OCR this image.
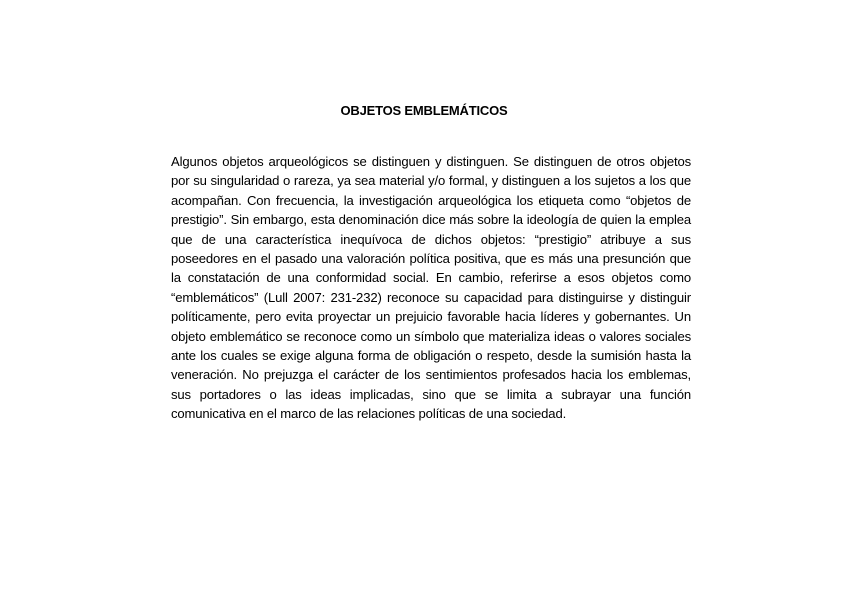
OBJETOS EMBLEMÁTICOS

Algunos objetos arqueológicos se distinguen y distinguen. Se distinguen de otros objetos por su singularidad o rareza, ya sea material y/o formal, y distinguen a los sujetos a los que acompañan. Con frecuencia, la investigación arqueológica los etiqueta como “objetos de prestigio”. Sin embargo, esta denominación dice más sobre la ideología de quien la emplea que de una característica inequívoca de dichos objetos: “prestigio” atribuye a sus poseedores en el pasado una valoración política positiva, que es más una presunción que la constatación de una conformidad social. En cambio, referirse a esos objetos como “emblemáticos” (Lull 2007: 231-232) reconoce su capacidad para distinguirse y distinguir políticamente, pero evita proyectar un prejuicio favorable hacia líderes y gobernantes. Un objeto emblemático se reconoce como un símbolo que materializa ideas o valores sociales ante los cuales se exige alguna forma de obligación o respeto, desde la sumisión hasta la veneración. No prejuzga el carácter de los sentimientos profesados hacia los emblemas, sus portadores o las ideas implicadas, sino que se limita a subrayar una función comunicativa en el marco de las relaciones políticas de una sociedad.
